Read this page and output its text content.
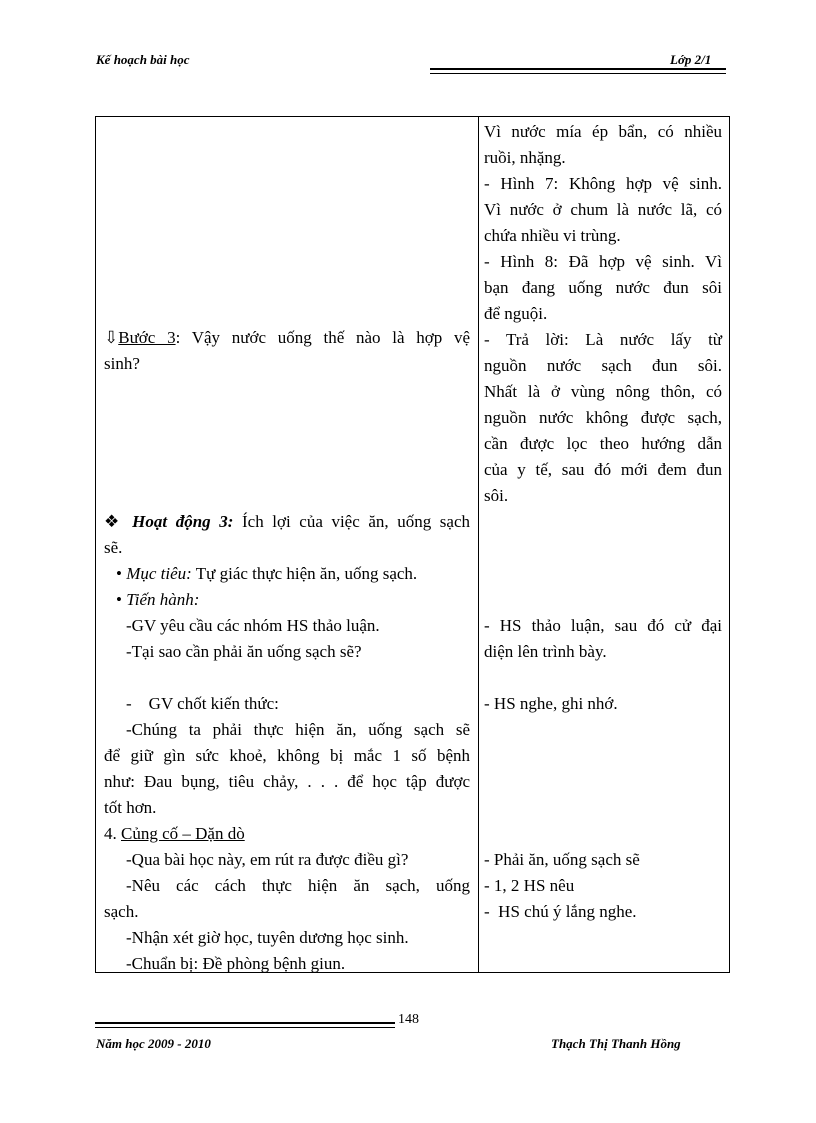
Kế hoạch bài học	Lớp 2/1
⇩Bước 3: Vậy nước uống thế nào là hợp vệ
sinh?
❖ Hoạt động 3: Ích lợi của việc ăn, uống sạch
sẽ.
• Mục tiêu: Tự giác thực hiện ăn, uống sạch.
• Tiến hành:
-GV yêu cầu các nhóm HS thảo luận.
-Tại sao cần phải ăn uống sạch sẽ?
-    GV chốt kiến thức:
-Chúng ta phải thực hiện ăn, uống sạch sẽ
để giữ gìn sức khoẻ, không bị mắc 1 số bệnh
như: Đau bụng, tiêu chảy, . . . để học tập được
tốt hơn.
4. Củng cố – Dặn dò
-Qua bài học này, em rút ra được điều gì?
-Nêu các cách thực hiện ăn sạch, uống
sạch.
-Nhận xét giờ học, tuyên dương học sinh.
-Chuẩn bị: Đề phòng bệnh giun.
Vì nước mía ép bẩn, có nhiều
ruồi, nhặng.
- Hình 7: Không hợp vệ sinh.
Vì nước ở chum là nước lã, có
chứa nhiều vi trùng.
- Hình 8: Đã hợp vệ sinh. Vì
bạn đang uống nước đun sôi
để nguội.
- Trả lời: Là nước lấy từ
nguồn nước sạch đun sôi.
Nhất là ở vùng nông thôn, có
nguồn nước không được sạch,
cần được lọc theo hướng dẫn
của y tế, sau đó mới đem đun
sôi.
- HS thảo luận, sau đó cử đại
diện lên trình bày.
- HS nghe, ghi nhớ.
- Phải ăn, uống sạch sẽ
- 1, 2 HS nêu
-  HS chú ý lắng nghe.
148
Năm học 2009 - 2010	Thạch Thị Thanh Hồng
